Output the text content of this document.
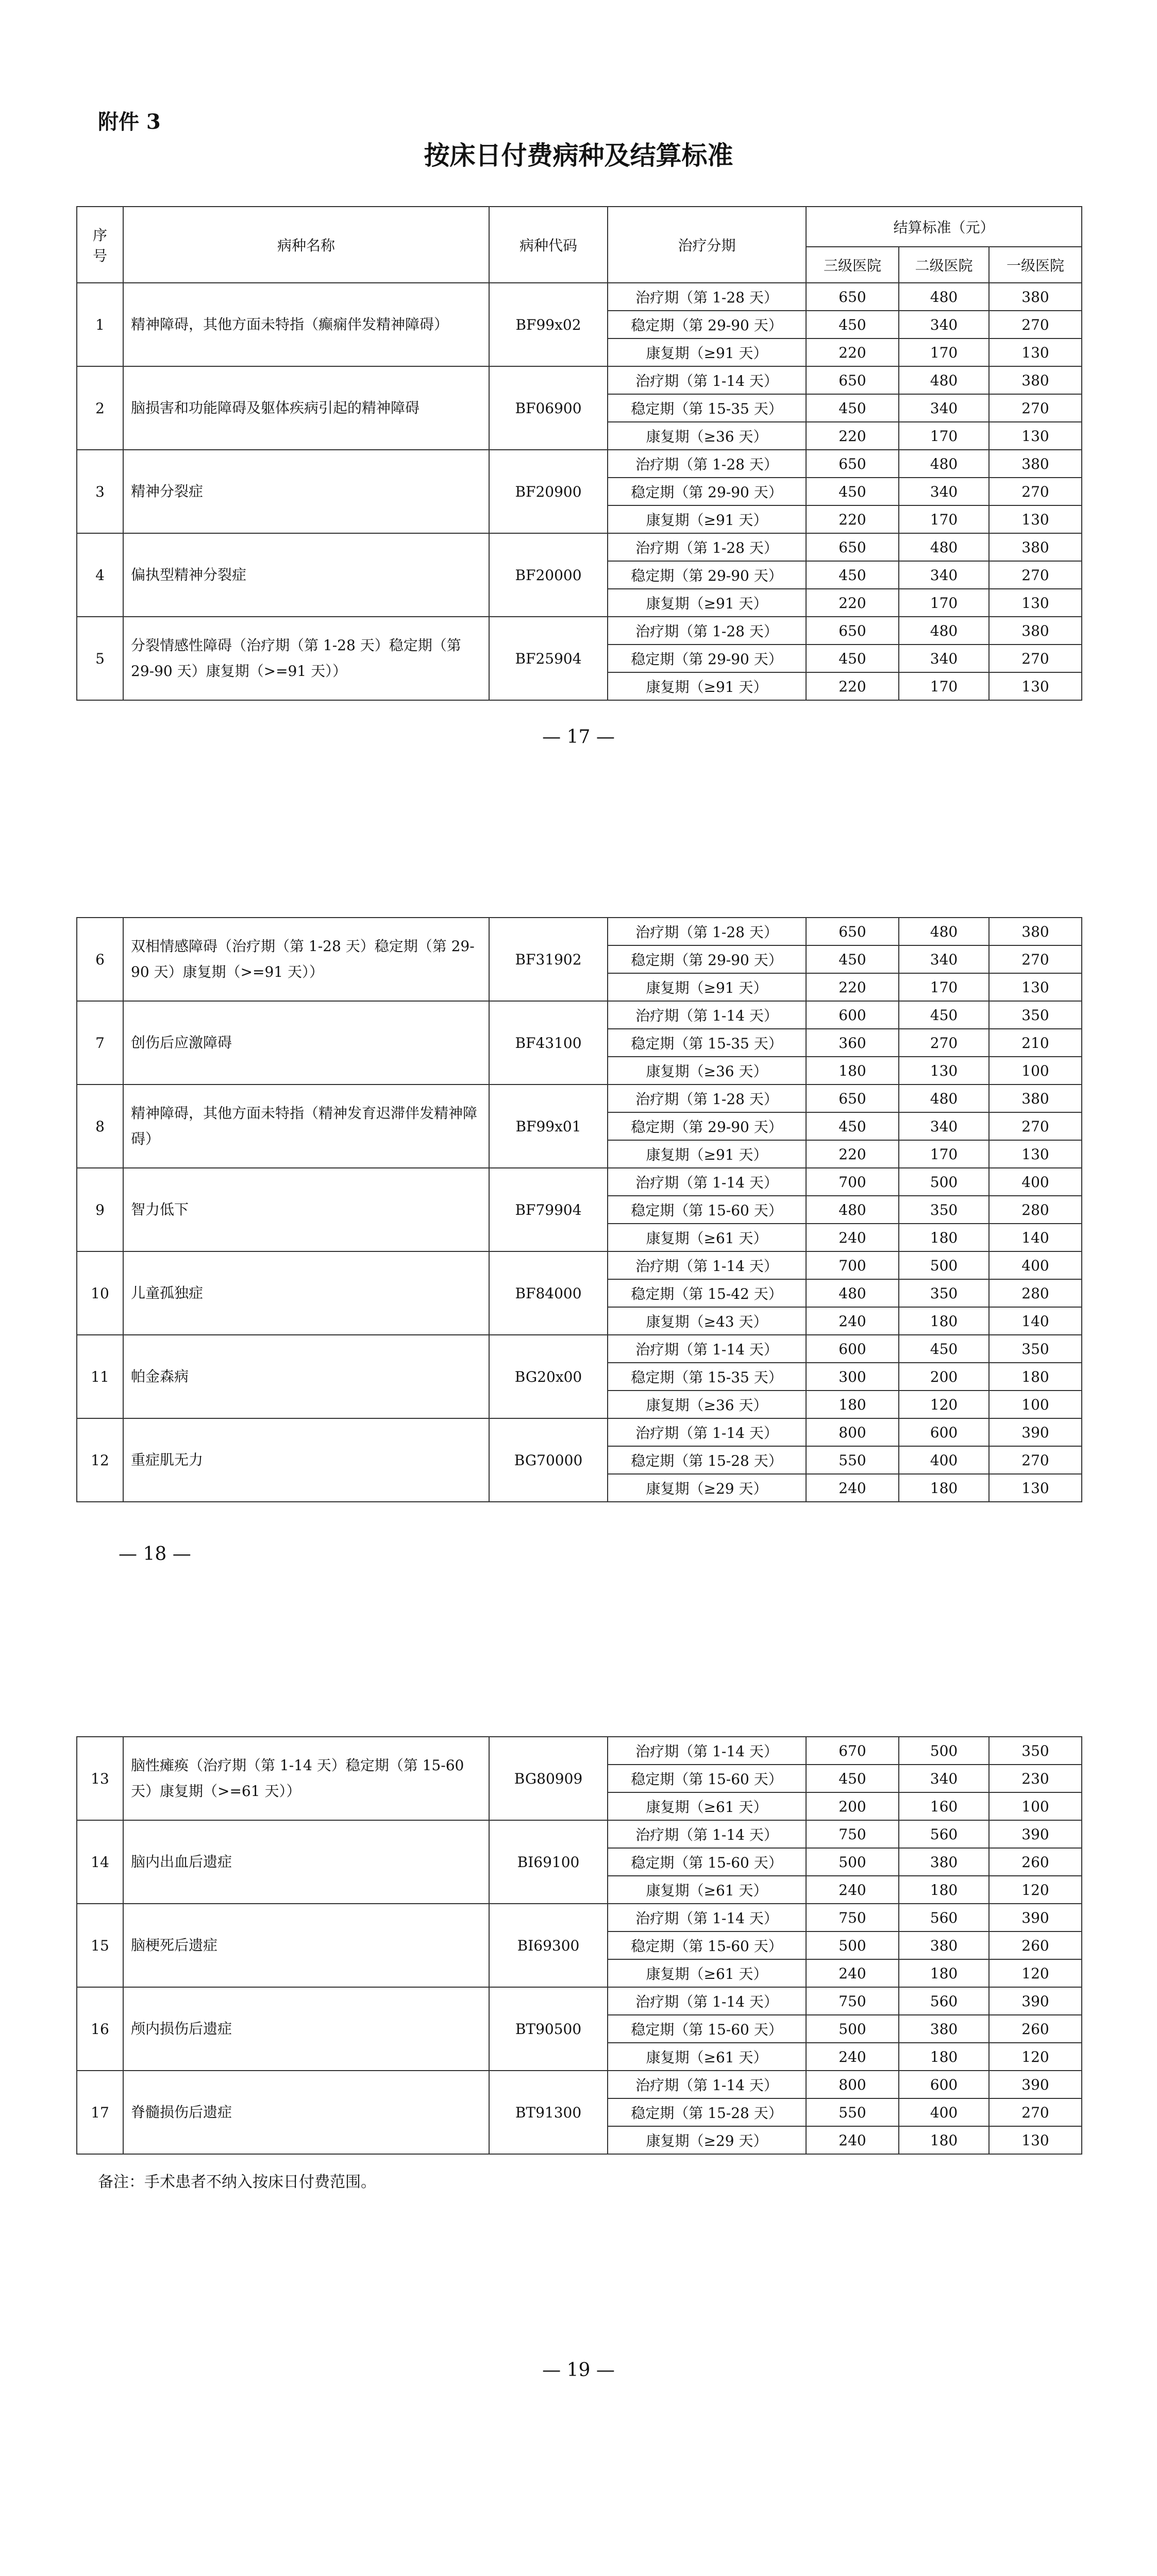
附件 3
按床日付费病种及结算标准
序
号	病种名称	病种代码	治疗分期	结算标准（元）		
				三级医院	二级医院	一级医院
1	精神障碍，其他方面未特指（癫痫伴发精神障碍）	BF99x02	治疗期（第 1-28 天）	650	480	380
			稳定期（第 29-90 天）	450	340	270
			康复期（≥91 天）	220	170	130
2	脑损害和功能障碍及躯体疾病引起的精神障碍	BF06900	治疗期（第 1-14 天）	650	480	380
			稳定期（第 15-35 天）	450	340	270
			康复期（≥36 天）	220	170	130
3	精神分裂症	BF20900	治疗期（第 1-28 天）	650	480	380
			稳定期（第 29-90 天）	450	340	270
			康复期（≥91 天）	220	170	130
4	偏执型精神分裂症	BF20000	治疗期（第 1-28 天）	650	480	380
			稳定期（第 29-90 天）	450	340	270
			康复期（≥91 天）	220	170	130
5	分裂情感性障碍（治疗期（第 1-28 天）稳定期（第 29-90 天）康复期（>=91 天））	BF25904	治疗期（第 1-28 天）	650	480	380
			稳定期（第 29-90 天）	450	340	270
			康复期（≥91 天）	220	170	130
— 17 —
6	双相情感障碍（治疗期（第 1-28 天）稳定期（第 29-90 天）康复期（>=91 天））	BF31902	治疗期（第 1-28 天）	650	480	380
			稳定期（第 29-90 天）	450	340	270
			康复期（≥91 天）	220	170	130
7	创伤后应激障碍	BF43100	治疗期（第 1-14 天）	600	450	350
			稳定期（第 15-35 天）	360	270	210
			康复期（≥36 天）	180	130	100
8	精神障碍，其他方面未特指（精神发育迟滞伴发精神障碍）	BF99x01	治疗期（第 1-28 天）	650	480	380
			稳定期（第 29-90 天）	450	340	270
			康复期（≥91 天）	220	170	130
9	智力低下	BF79904	治疗期（第 1-14 天）	700	500	400
			稳定期（第 15-60 天）	480	350	280
			康复期（≥61 天）	240	180	140
10	儿童孤独症	BF84000	治疗期（第 1-14 天）	700	500	400
			稳定期（第 15-42 天）	480	350	280
			康复期（≥43 天）	240	180	140
11	帕金森病	BG20x00	治疗期（第 1-14 天）	600	450	350
			稳定期（第 15-35 天）	300	200	180
			康复期（≥36 天）	180	120	100
12	重症肌无力	BG70000	治疗期（第 1-14 天）	800	600	390
			稳定期（第 15-28 天）	550	400	270
			康复期（≥29 天）	240	180	130
— 18 —
13	脑性瘫痪（治疗期（第 1-14 天）稳定期（第 15-60 天）康复期（>=61 天））	BG80909	治疗期（第 1-14 天）	670	500	350
			稳定期（第 15-60 天）	450	340	230
			康复期（≥61 天）	200	160	100
14	脑内出血后遗症	BI69100	治疗期（第 1-14 天）	750	560	390
			稳定期（第 15-60 天）	500	380	260
			康复期（≥61 天）	240	180	120
15	脑梗死后遗症	BI69300	治疗期（第 1-14 天）	750	560	390
			稳定期（第 15-60 天）	500	380	260
			康复期（≥61 天）	240	180	120
16	颅内损伤后遗症	BT90500	治疗期（第 1-14 天）	750	560	390
			稳定期（第 15-60 天）	500	380	260
			康复期（≥61 天）	240	180	120
17	脊髓损伤后遗症	BT91300	治疗期（第 1-14 天）	800	600	390
			稳定期（第 15-28 天）	550	400	270
			康复期（≥29 天）	240	180	130
备注：手术患者不纳入按床日付费范围。
— 19 —
